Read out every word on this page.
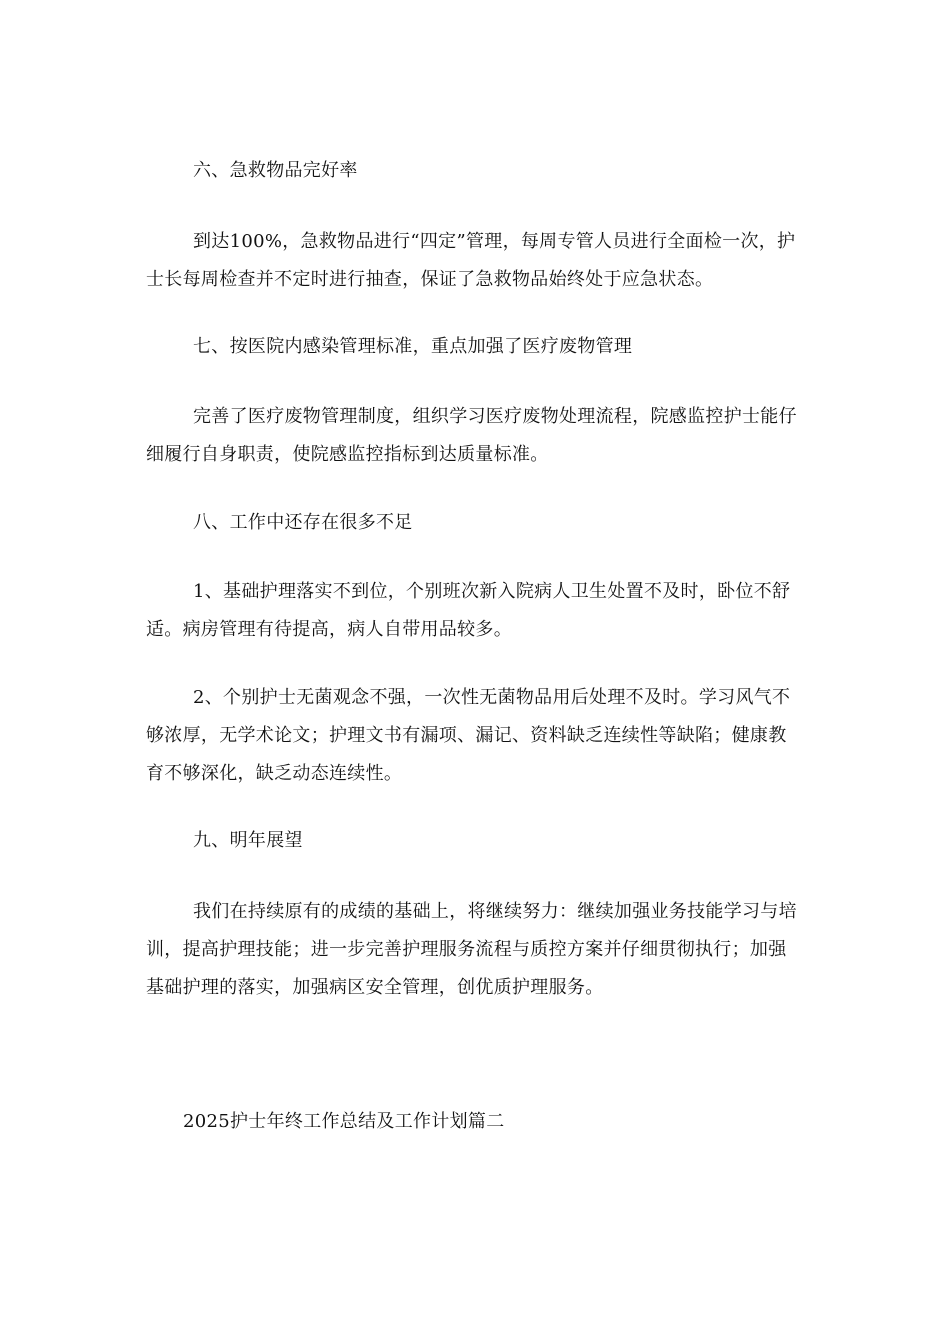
六、急救物品完好率

到达100%，急救物品进行“四定”管理，每周专管人员进行全面检一次，护士长每周检查并不定时进行抽查，保证了急救物品始终处于应急状态。

七、按医院内感染管理标准，重点加强了医疗废物管理

完善了医疗废物管理制度，组织学习医疗废物处理流程，院感监控护士能仔细履行自身职责，使院感监控指标到达质量标准。

八、工作中还存在很多不足

1、基础护理落实不到位，个别班次新入院病人卫生处置不及时，卧位不舒适。病房管理有待提高，病人自带用品较多。

2、个别护士无菌观念不强，一次性无菌物品用后处理不及时。学习风气不够浓厚，无学术论文；护理文书有漏项、漏记、资料缺乏连续性等缺陷；健康教育不够深化，缺乏动态连续性。

九、明年展望

我们在持续原有的成绩的基础上，将继续努力：继续加强业务技能学习与培训，提高护理技能；进一步完善护理服务流程与质控方案并仔细贯彻执行；加强基础护理的落实，加强病区安全管理，创优质护理服务。

2025护士年终工作总结及工作计划篇二
